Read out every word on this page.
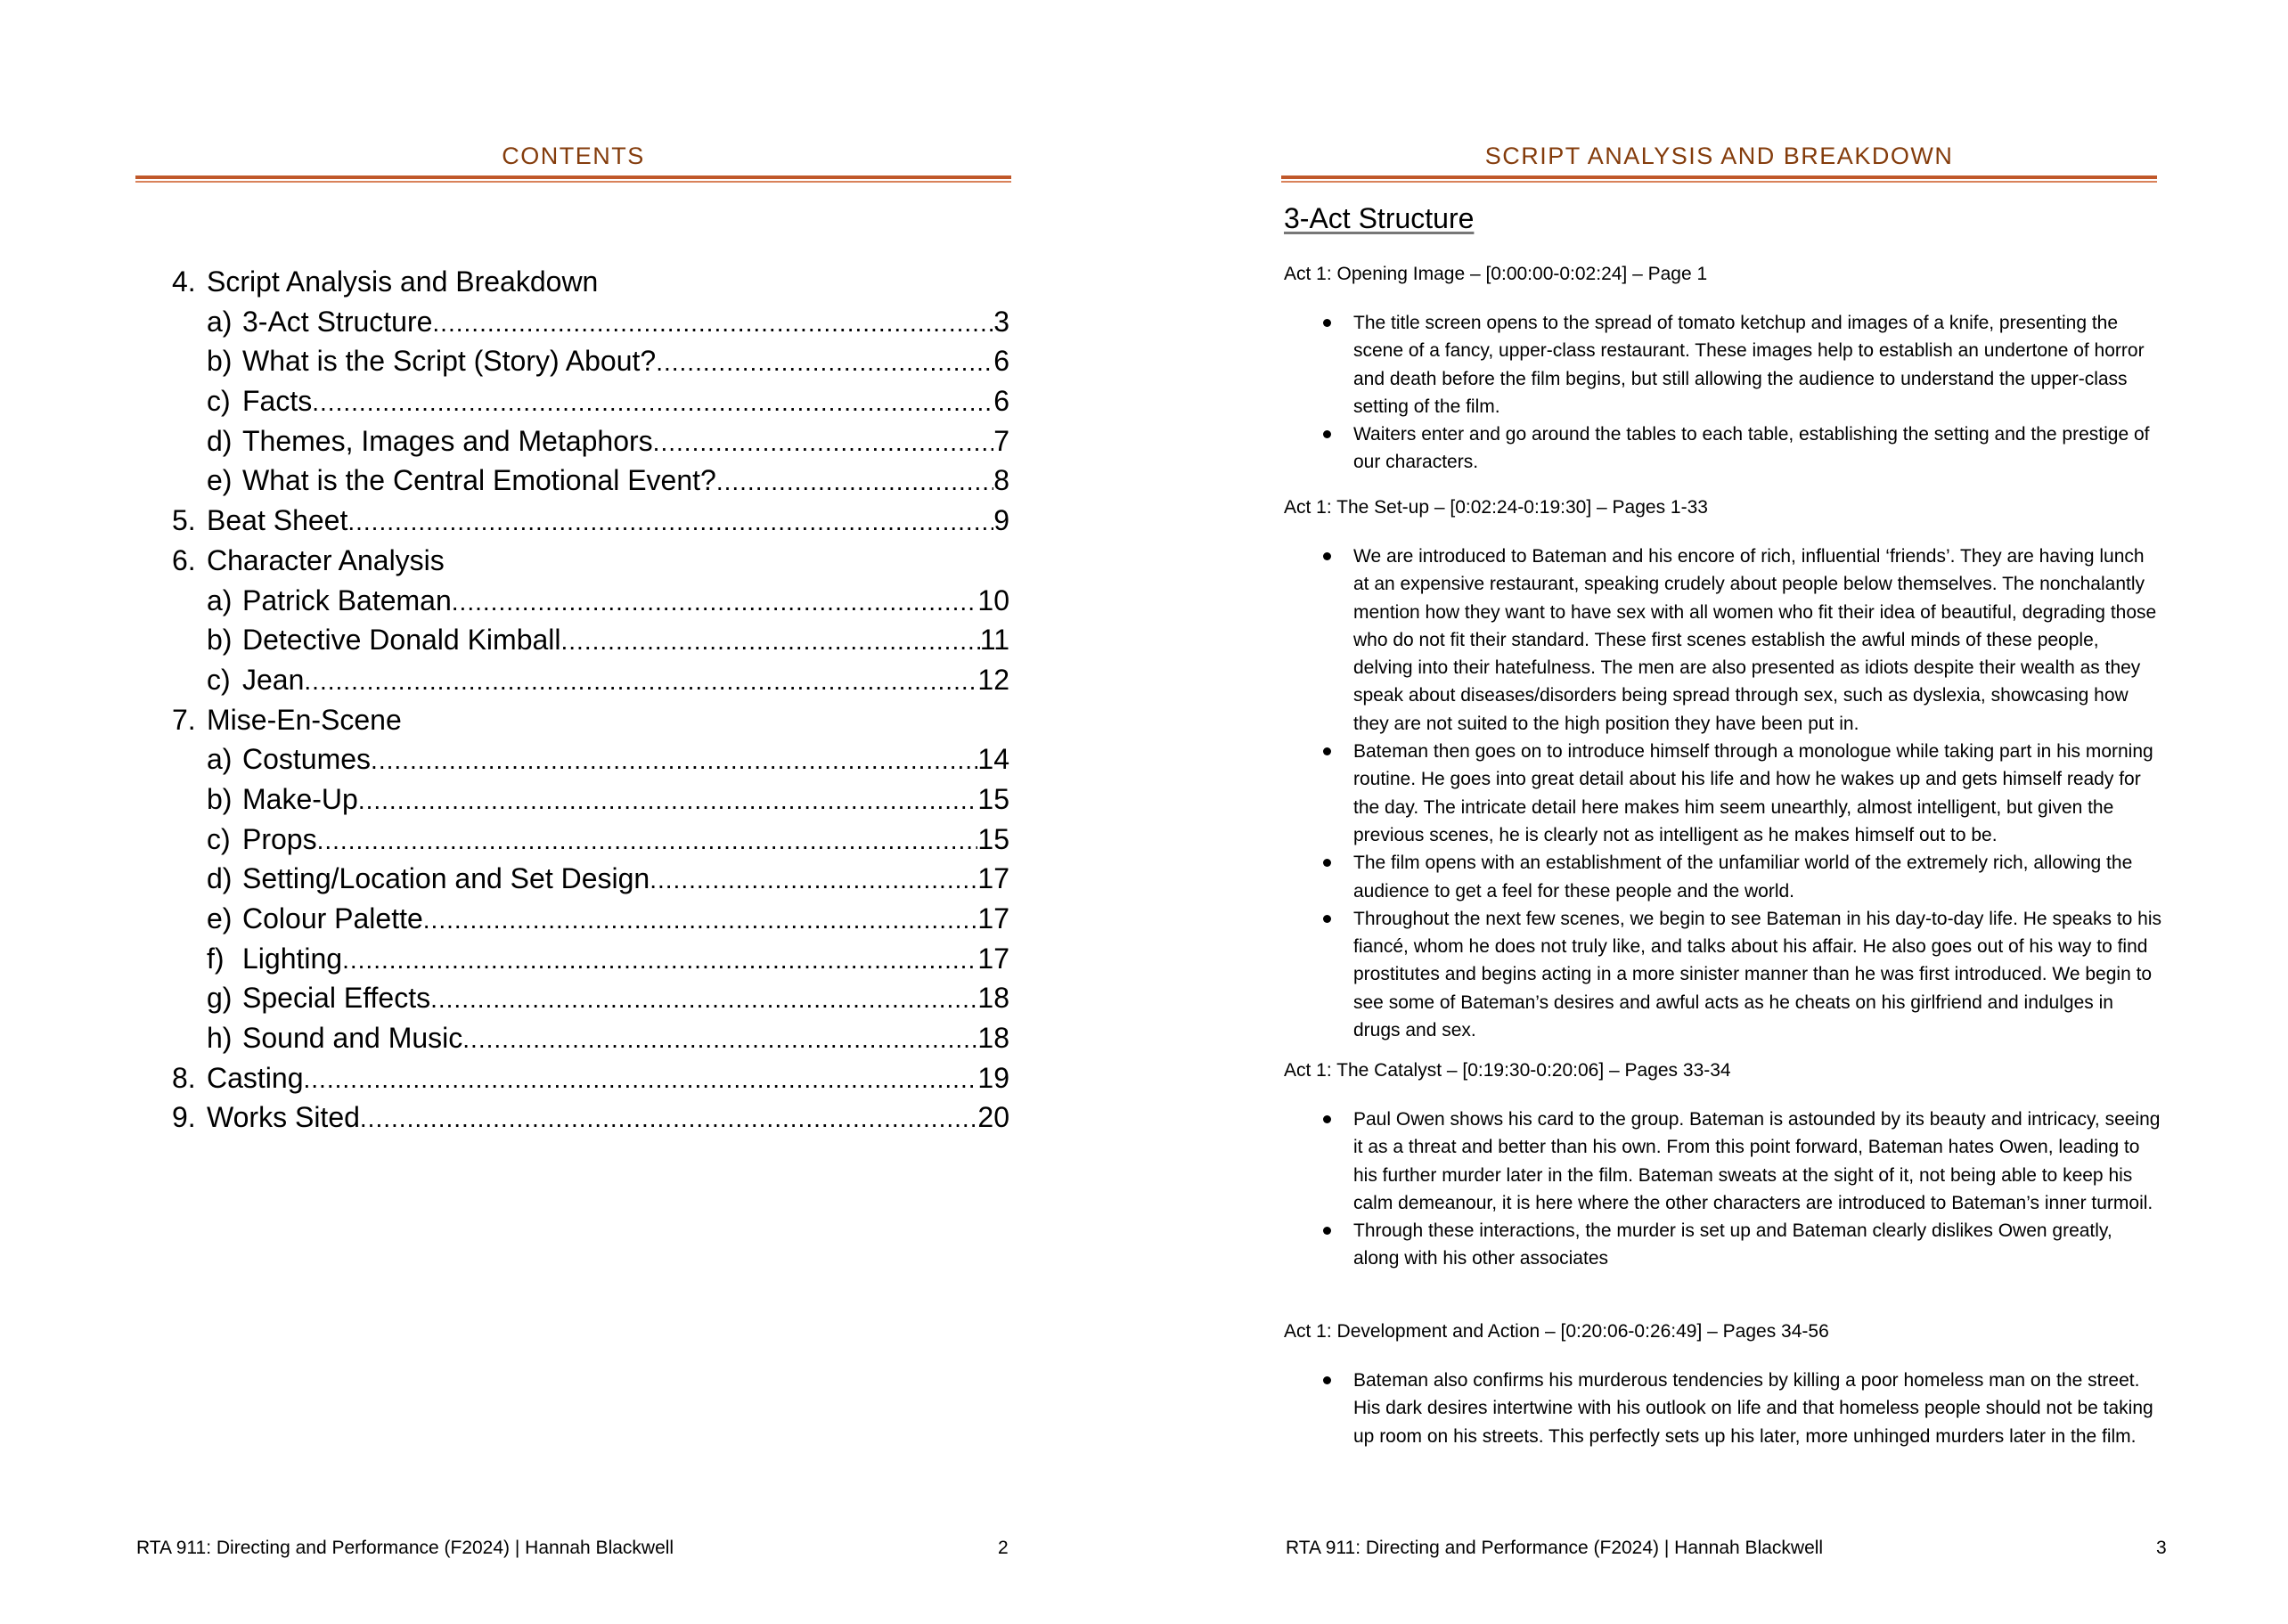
CONTENTS
4. Script Analysis and Breakdown
a) 3-Act Structure .....	3
b) What is the Script (Story) About? .....	6
c) Facts .....	6
d) Themes, Images and Metaphors .....	7
e) What is the Central Emotional Event? .....	8
5. Beat Sheet .....	9
6. Character Analysis
a) Patrick Bateman .....	10
b) Detective Donald Kimball .....	11
c) Jean .....	12
7. Mise-En-Scene
a) Costumes .....	14
b) Make-Up .....	15
c) Props .....	15
d) Setting/Location and Set Design .....	17
e) Colour Palette .....	17
f) Lighting .....	17
g) Special Effects .....	18
h) Sound and Music .....	18
8. Casting .....	19
9. Works Sited .....	20
RTA 911: Directing and Performance (F2024) | Hannah Blackwell	2
SCRIPT ANALYSIS AND BREAKDOWN
3-Act Structure
Act 1: Opening Image – [0:00:00-0:02:24] – Page 1
The title screen opens to the spread of tomato ketchup and images of a knife, presenting the scene of a fancy, upper-class restaurant. These images help to establish an undertone of horror and death before the film begins, but still allowing the audience to understand the upper-class setting of the film.
Waiters enter and go around the tables to each table, establishing the setting and the prestige of our characters.
Act 1: The Set-up – [0:02:24-0:19:30] – Pages 1-33
We are introduced to Bateman and his encore of rich, influential ‘friends’. They are having lunch at an expensive restaurant, speaking crudely about people below themselves. The nonchalantly mention how they want to have sex with all women who fit their idea of beautiful, degrading those who do not fit their standard. These first scenes establish the awful minds of these people, delving into their hatefulness. The men are also presented as idiots despite their wealth as they speak about diseases/disorders being spread through sex, such as dyslexia, showcasing how they are not suited to the high position they have been put in.
Bateman then goes on to introduce himself through a monologue while taking part in his morning routine. He goes into great detail about his life and how he wakes up and gets himself ready for the day. The intricate detail here makes him seem unearthly, almost intelligent, but given the previous scenes, he is clearly not as intelligent as he makes himself out to be.
The film opens with an establishment of the unfamiliar world of the extremely rich, allowing the audience to get a feel for these people and the world.
Throughout the next few scenes, we begin to see Bateman in his day-to-day life. He speaks to his fiancé, whom he does not truly like, and talks about his affair. He also goes out of his way to find prostitutes and begins acting in a more sinister manner than he was first introduced. We begin to see some of Bateman’s desires and awful acts as he cheats on his girlfriend and indulges in drugs and sex.
Act 1: The Catalyst – [0:19:30-0:20:06] – Pages 33-34
Paul Owen shows his card to the group. Bateman is astounded by its beauty and intricacy, seeing it as a threat and better than his own. From this point forward, Bateman hates Owen, leading to his further murder later in the film. Bateman sweats at the sight of it, not being able to keep his calm demeanour, it is here where the other characters are introduced to Bateman’s inner turmoil.
Through these interactions, the murder is set up and Bateman clearly dislikes Owen greatly, along with his other associates
Act 1: Development and Action – [0:20:06-0:26:49] – Pages 34-56
Bateman also confirms his murderous tendencies by killing a poor homeless man on the street. His dark desires intertwine with his outlook on life and that homeless people should not be taking up room on his streets. This perfectly sets up his later, more unhinged murders later in the film.
RTA 911: Directing and Performance (F2024) | Hannah Blackwell	3
